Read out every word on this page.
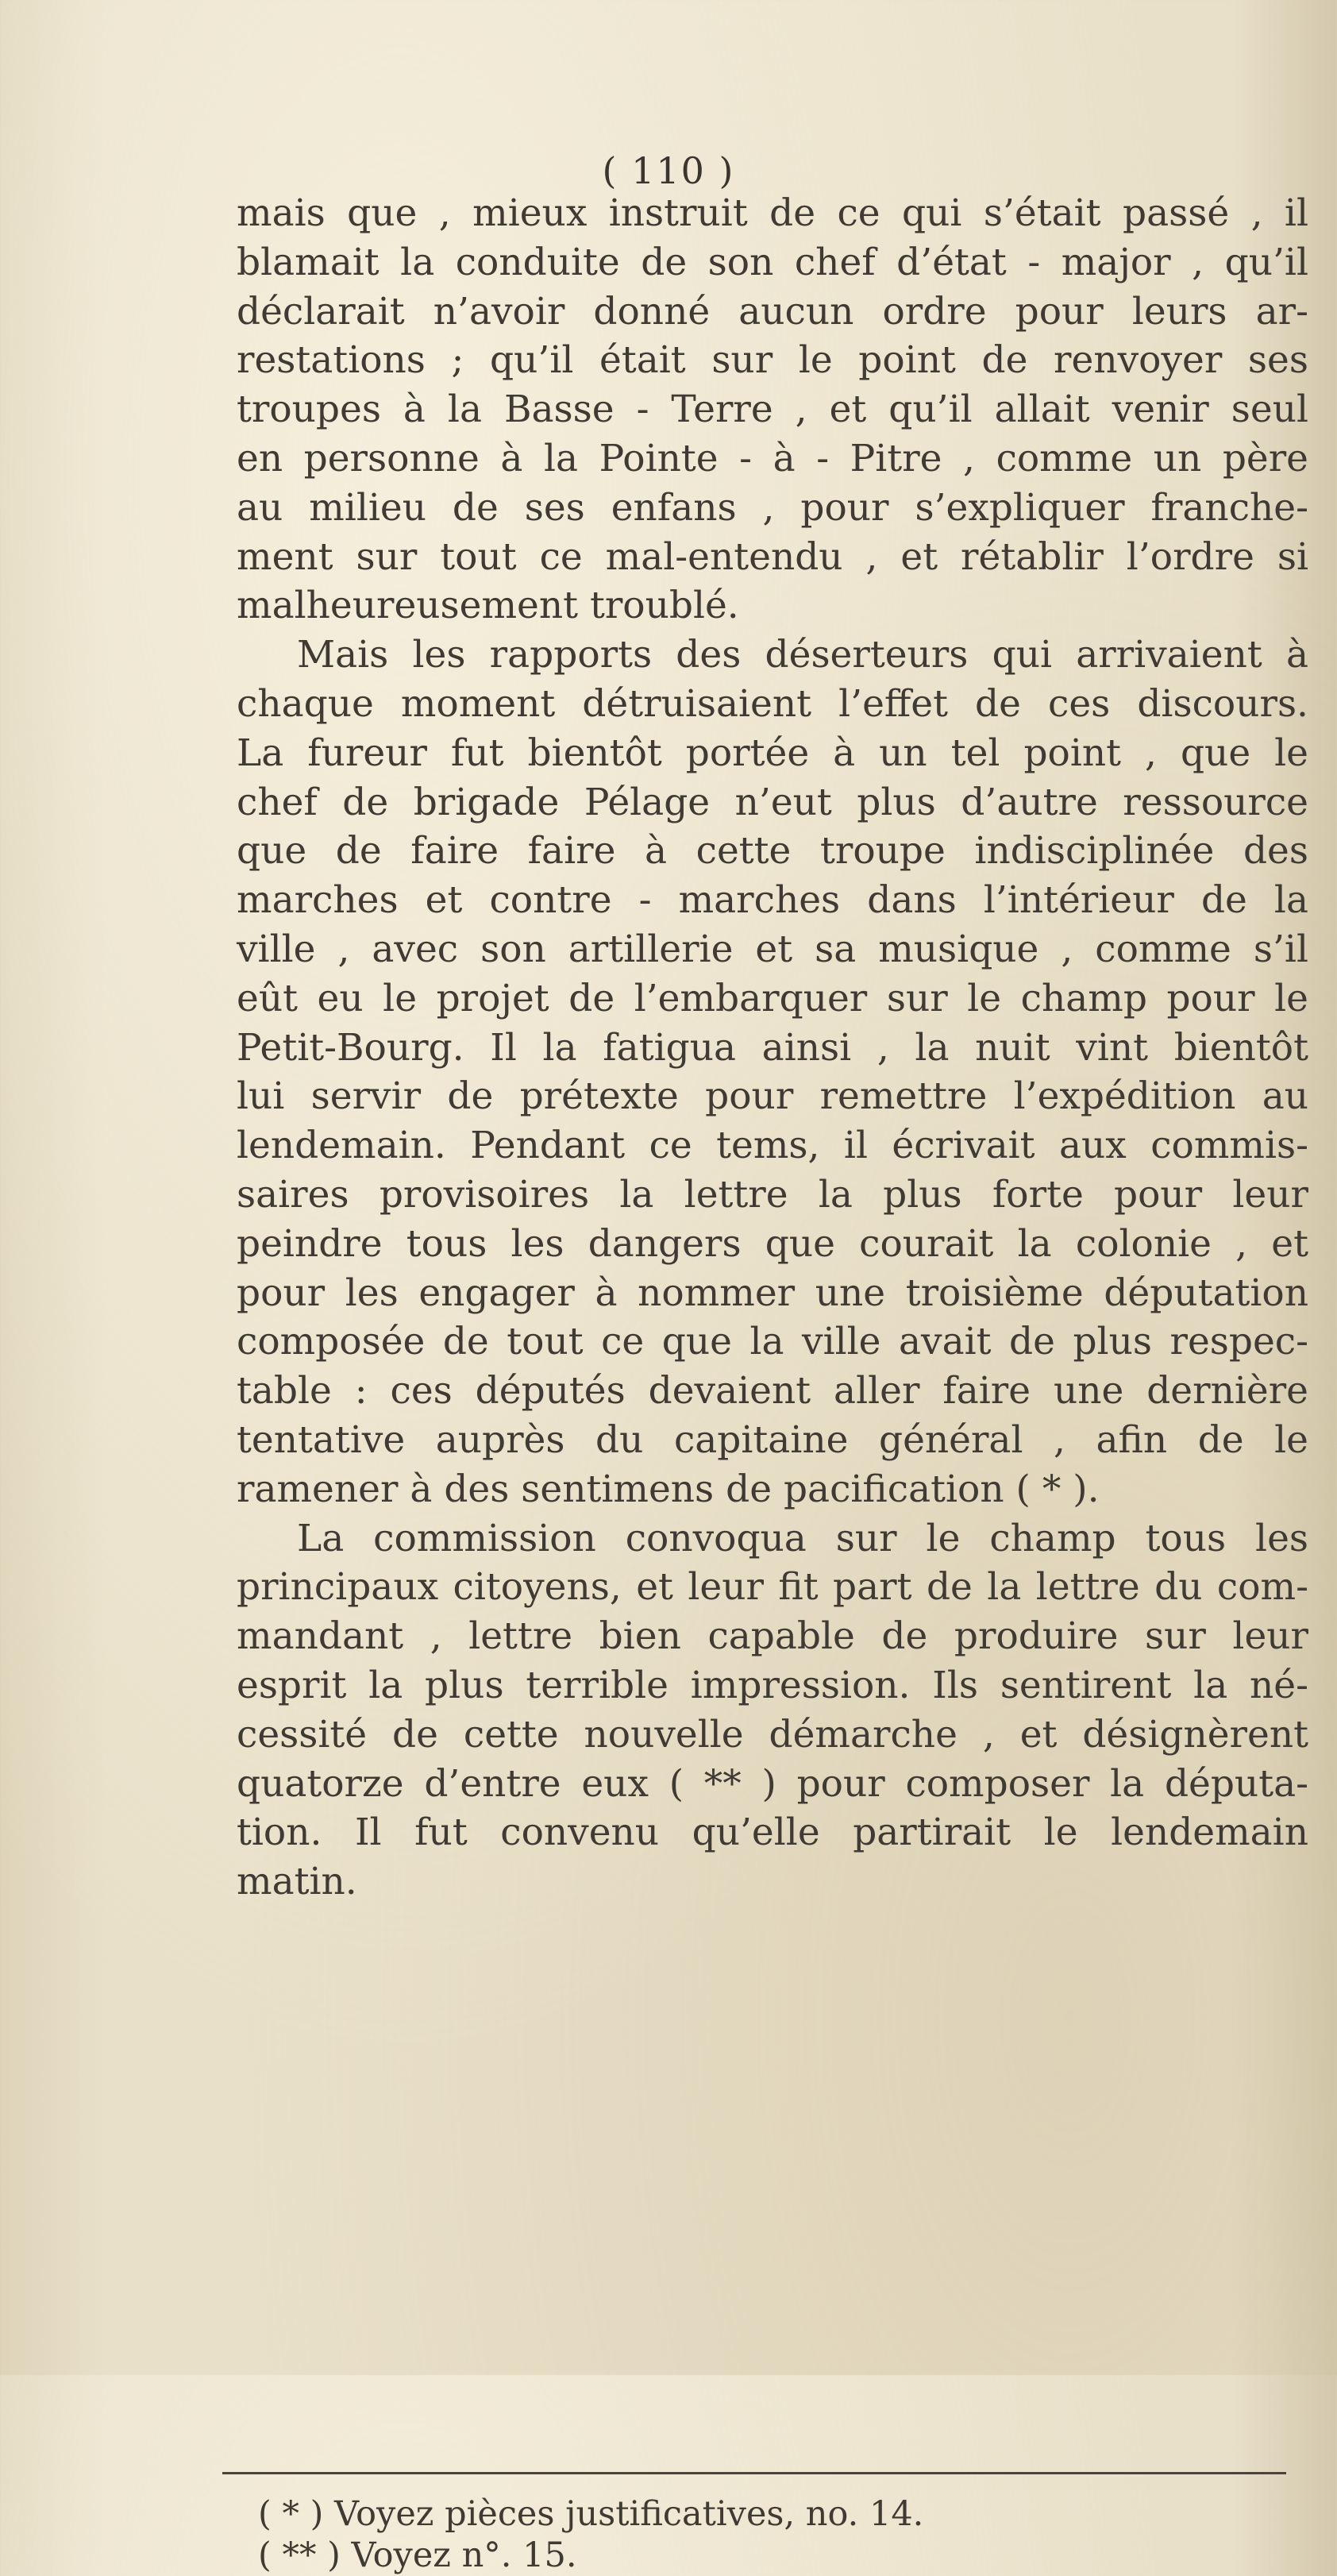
( 110 )
mais que , mieux instruit de ce qui s’était passé , il
blamait la conduite de son chef d’état - major , qu’il
déclarait n’avoir donné aucun ordre pour leurs ar-
restations ; qu’il était sur le point de renvoyer ses
troupes à la Basse - Terre , et qu’il allait venir seul
en personne à la Pointe - à - Pitre , comme un père
au milieu de ses enfans , pour s’expliquer franche-
ment sur tout ce mal-entendu , et rétablir l’ordre si
malheureusement troublé.
Mais les rapports des déserteurs qui arrivaient à
chaque moment détruisaient l’effet de ces discours.
La fureur fut bientôt portée à un tel point , que le
chef de brigade Pélage n’eut plus d’autre ressource
que de faire faire à cette troupe indisciplinée des
marches et contre - marches dans l’intérieur de la
ville , avec son artillerie et sa musique , comme s’il
eût eu le projet de l’embarquer sur le champ pour le
Petit-Bourg. Il la fatigua ainsi , la nuit vint bientôt
lui servir de prétexte pour remettre l’expédition au
lendemain. Pendant ce tems, il écrivait aux commis-
saires provisoires la lettre la plus forte pour leur
peindre tous les dangers que courait la colonie , et
pour les engager à nommer une troisième députation
composée de tout ce que la ville avait de plus respec-
table : ces députés devaient aller faire une dernière
tentative auprès du capitaine général , afin de le
ramener à des sentimens de pacification ( * ).
La commission convoqua sur le champ tous les
principaux citoyens, et leur fit part de la lettre du com-
mandant , lettre bien capable de produire sur leur
esprit la plus terrible impression. Ils sentirent la né-
cessité de cette nouvelle démarche , et désignèrent
quatorze d’entre eux ( ** ) pour composer la députa-
tion. Il fut convenu qu’elle partirait le lendemain
matin.
( * ) Voyez pièces justificatives, no. 14.
( ** ) Voyez n°. 15.
